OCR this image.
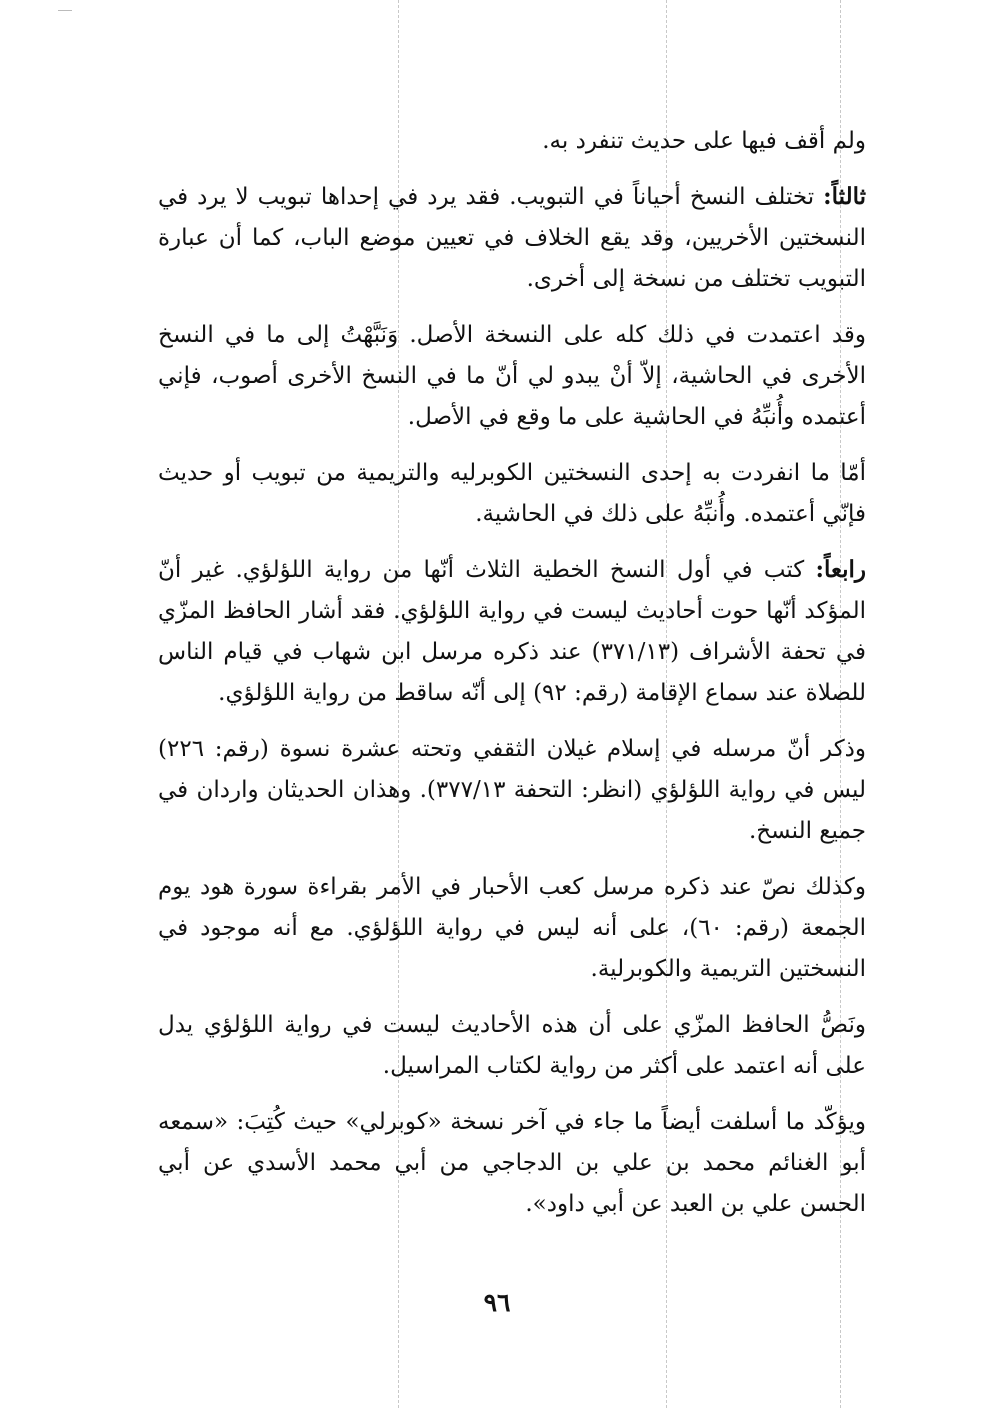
ولم أقف فيها على حديث تنفرد به.

ثالثاً: تختلف النسخ أحياناً في التبويب. فقد يرد في إحداها تبويب لا يرد في النسختين الأخريين، وقد يقع الخلاف في تعيين موضع الباب، كما أن عبارة التبويب تختلف من نسخة إلى أخرى.

وقد اعتمدت في ذلك كله على النسخة الأصل. وَنَبَّهْتُ إلى ما في النسخ الأخرى في الحاشية، إلاّ أنْ يبدو لي أنّ ما في النسخ الأخرى أصوب، فإني أعتمده وأُنبِّهُ في الحاشية على ما وقع في الأصل.

أمّا ما انفردت به إحدى النسختين الكوبرليه والتريمية من تبويب أو حديث فإنّي أعتمده. وأُنبِّهُ على ذلك في الحاشية.

رابعاً: كتب في أول النسخ الخطية الثلاث أنّها من رواية اللؤلؤي. غير أنّ المؤكد أنّها حوت أحاديث ليست في رواية اللؤلؤي. فقد أشار الحافظ المزّي في تحفة الأشراف (٣٧١/١٣) عند ذكره مرسل ابن شهاب في قيام الناس للصلاة عند سماع الإقامة (رقم: ٩٢) إلى أنّه ساقط من رواية اللؤلؤي.

وذكر أنّ مرسله في إسلام غيلان الثقفي وتحته عشرة نسوة (رقم: ٢٢٦) ليس في رواية اللؤلؤي (انظر: التحفة ٣٧٧/١٣). وهذان الحديثان واردان في جميع النسخ.

وكذلك نصّ عند ذكره مرسل كعب الأحبار في الأمر بقراءة سورة هود يوم الجمعة (رقم: ٦٠)، على أنه ليس في رواية اللؤلؤي. مع أنه موجود في النسختين التريمية والكوبرلية.

ونَصُّ الحافظ المزّي على أن هذه الأحاديث ليست في رواية اللؤلؤي يدل على أنه اعتمد على أكثر من رواية لكتاب المراسيل.

ويؤكّد ما أسلفت أيضاً ما جاء في آخر نسخة «كوبرلي» حيث كُتِبَ: «سمعه أبو الغنائم محمد بن علي بن الدجاجي من أبي محمد الأسدي عن أبي الحسن علي بن العبد عن أبي داود».

٩٦
